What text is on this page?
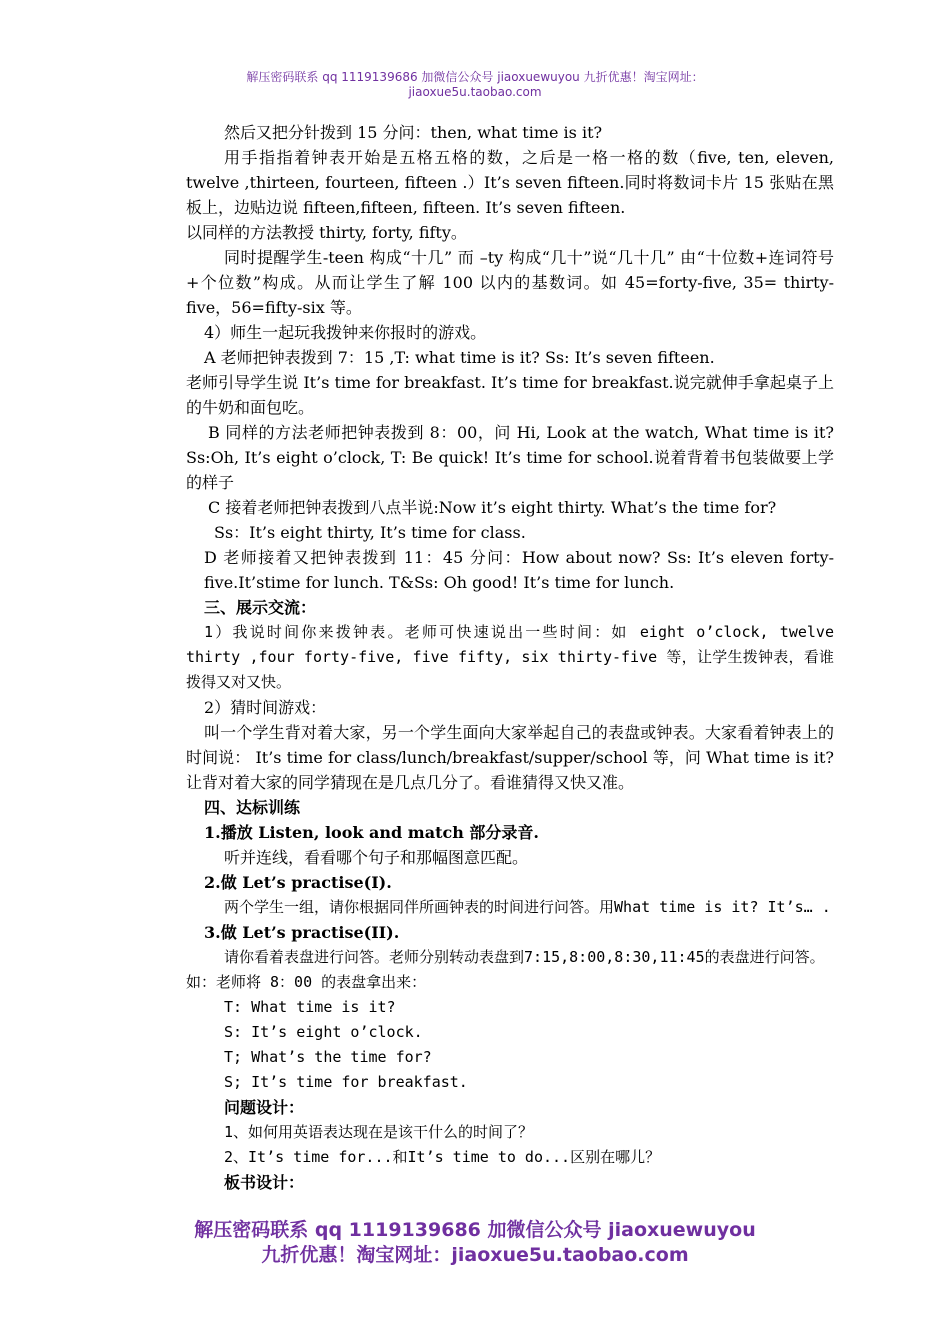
解压密码联系 qq 1119139686 加微信公众号 jiaoxuewuyou 九折优惠！淘宝网址：
jiaoxue5u.taobao.com

然后又把分针拨到 15 分问：then, what time is it?

用手指指着钟表开始是五格五格的数，之后是一格一格的数（five, ten, eleven, twelve ,thirteen, fourteen, fifteen .）It’s seven fifteen.同时将数词卡片 15 张贴在黑板上，边贴边说 fifteen,fifteen, fifteen. It’s seven fifteen.

以同样的方法教授 thirty, forty, fifty。

同时提醒学生-teen 构成“十几” 而 –ty 构成“几十”说“几十几” 由“十位数+连词符号+个位数”构成。从而让学生了解 100 以内的基数词。如 45=forty-five, 35= thirty-five，56=fifty-six 等。

4）师生一起玩我拨钟来你报时的游戏。

A 老师把钟表拨到 7：15 ,T: what time is it? Ss: It’s seven fifteen.

老师引导学生说 It’s time for breakfast. It’s time for breakfast.说完就伸手拿起桌子上的牛奶和面包吃。

B 同样的方法老师把钟表拨到 8：00，问 Hi, Look at the watch, What time is it? Ss:Oh, It’s eight o’clock, T: Be quick! It’s time for school.说着背着书包装做要上学的样子

C 接着老师把钟表拨到八点半说:Now it’s eight thirty. What’s the time for?

Ss：It’s eight thirty, It’s time for class.

D 老师接着又把钟表拨到 11：45 分问：How about now? Ss: It’s eleven forty-five.It’stime for lunch. T&Ss: Oh good! It’s time for lunch.

三、展示交流：

1）我说时间你来拨钟表。老师可快速说出一些时间：如 eight o’clock, twelve thirty ,four forty-five, five fifty, six thirty-five 等，让学生拨钟表，看谁拨得又对又快。

2）猜时间游戏：

叫一个学生背对着大家，另一个学生面向大家举起自己的表盘或钟表。大家看着钟表上的时间说： It’s time for class/lunch/breakfast/supper/school 等，问 What time is it?让背对着大家的同学猜现在是几点几分了。看谁猜得又快又准。

四、达标训练

1.播放 Listen, look and match 部分录音.

听并连线，看看哪个句子和那幅图意匹配。

2.做 Let’s practise(I).

两个学生一组，请你根据同伴所画钟表的时间进行问答。用What time is it? It’s… .

3.做 Let’s practise(II).

请你看着表盘进行问答。老师分别转动表盘到7:15,8:00,8:30,11:45的表盘进行问答。如：老师将 8：00 的表盘拿出来：

T: What time is it?

S: It’s eight o’clock.

T; What’s the time for?

S; It’s time for breakfast.

问题设计：

1、如何用英语表达现在是该干什么的时间了？

2、It’s time for...和It’s time to do...区别在哪儿？

板书设计：

解压密码联系 qq 1119139686 加微信公众号 jiaoxuewuyou
九折优惠！淘宝网址：jiaoxue5u.taobao.com
